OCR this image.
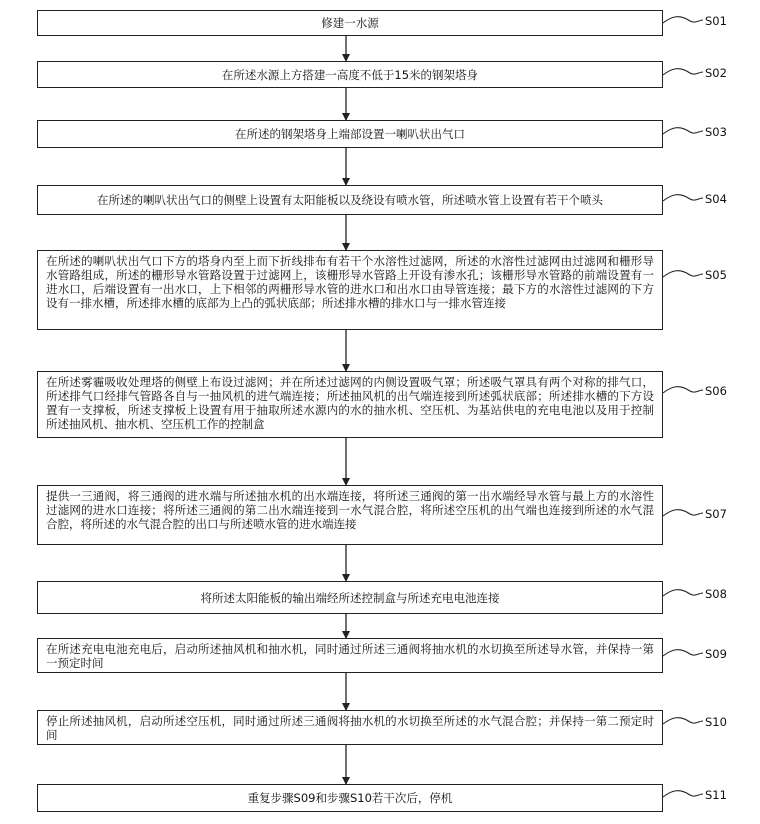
修建一水源
在所述水源上方搭建一高度不低于15米的钢架塔身
在所述的钢架塔身上端部设置一喇叭状出气口
在所述的喇叭状出气口的侧壁上设置有太阳能板以及绕设有喷水管，所述喷水管上设置有若干个喷头
在所述的喇叭状出气口下方的塔身内至上而下折线排布有若干个水溶性过滤网，所述的水溶性过滤网由过滤网和栅形导水管路组成，所述的栅形导水管路设置于过滤网上，该栅形导水管路上开设有渗水孔；该栅形导水管路的前端设置有一进水口，后端设置有一出水口，上下相邻的两栅形导水管的进水口和出水口由导管连接；最下方的水溶性过滤网的下方设有一排水槽，所述排水槽的底部为上凸的弧状底部；所述排水槽的排水口与一排水管连接
在所述雾霾吸收处理塔的侧壁上布设过滤网；并在所述过滤网的内侧设置吸气罩；所述吸气罩具有两个对称的排气口，所述排气口经排气管路各自与一抽风机的进气端连接；所述抽风机的出气端连接到所述弧状底部；所述排水槽的下方设置有一支撑板，所述支撑板上设置有用于抽取所述水源内的水的抽水机、空压机、为基站供电的充电电池以及用于控制所述抽风机、抽水机、空压机工作的控制盒
提供一三通阀，将三通阀的进水端与所述抽水机的出水端连接，将所述三通阀的第一出水端经导水管与最上方的水溶性过滤网的进水口连接；将所述三通阀的第二出水端连接到一水气混合腔，将所述空压机的出气端也连接到所述的水气混合腔，将所述的水气混合腔的出口与所述喷水管的进水端连接
将所述太阳能板的输出端经所述控制盒与所述充电电池连接
在所述充电电池充电后，启动所述抽风机和抽水机，同时通过所述三通阀将抽水机的水切换至所述导水管，并保持一第一预定时间
停止所述抽风机，启动所述空压机，同时通过所述三通阀将抽水机的水切换至所述的水气混合腔；并保持一第二预定时间
重复步骤S09和步骤S10若干次后，停机
S01
S02
S03
S04
S05
S06
S07
S08
S09
S10
S11
